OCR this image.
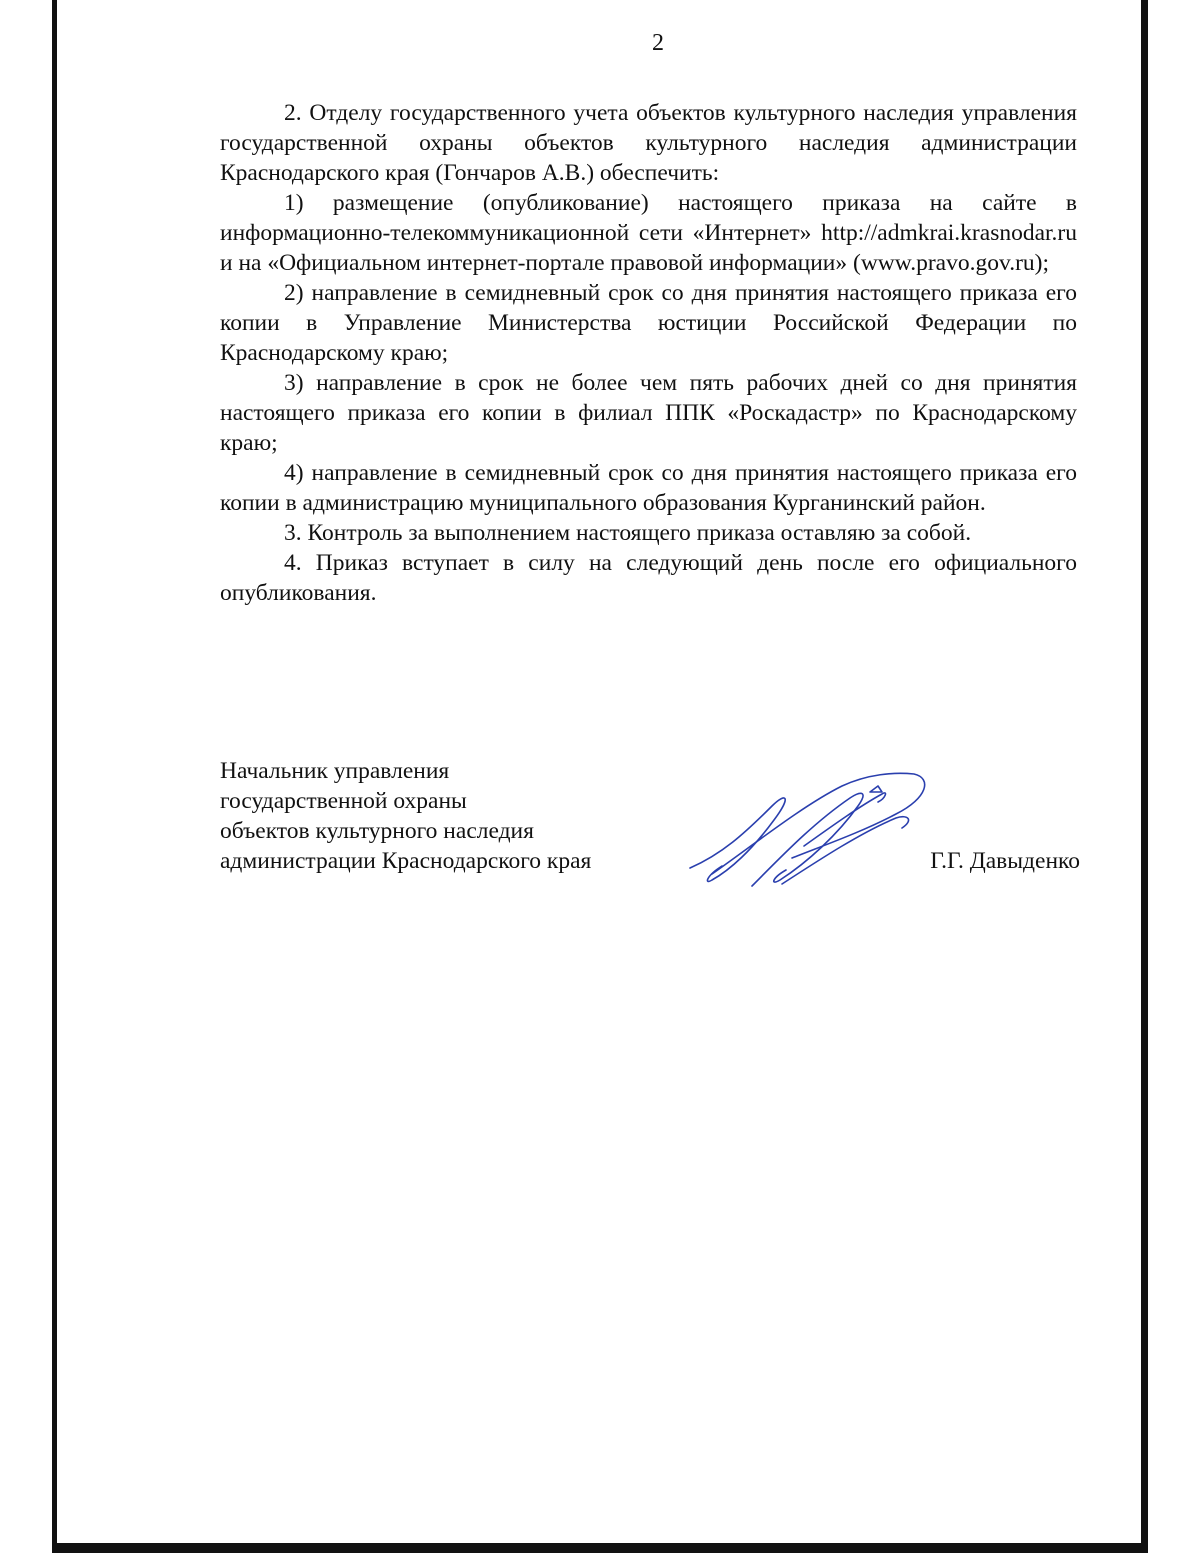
2

2. Отделу государственного учета объектов культурного наследия управления государственной охраны объектов культурного наследия администрации Краснодарского края (Гончаров А.В.) обеспечить:

1) размещение (опубликование) настоящего приказа на сайте в информационно-телекоммуникационной сети «Интернет» http://admkrai.krasnodar.ru и на «Официальном интернет-портале правовой информации» (www.pravo.gov.ru);

2) направление в семидневный срок со дня принятия настоящего приказа его копии в Управление Министерства юстиции Российской Федерации по Краснодарскому краю;

3) направление в срок не более чем пять рабочих дней со дня принятия настоящего приказа его копии в филиал ППК «Роскадастр» по Краснодарскому краю;

4) направление в семидневный срок со дня принятия настоящего приказа его копии в администрацию муниципального образования Курганинский район.

3. Контроль за выполнением настоящего приказа оставляю за собой.

4. Приказ вступает в силу на следующий день после его официального опубликования.

Начальник управления
государственной охраны
объектов культурного наследия
администрации Краснодарского края	Г.Г. Давыденко
